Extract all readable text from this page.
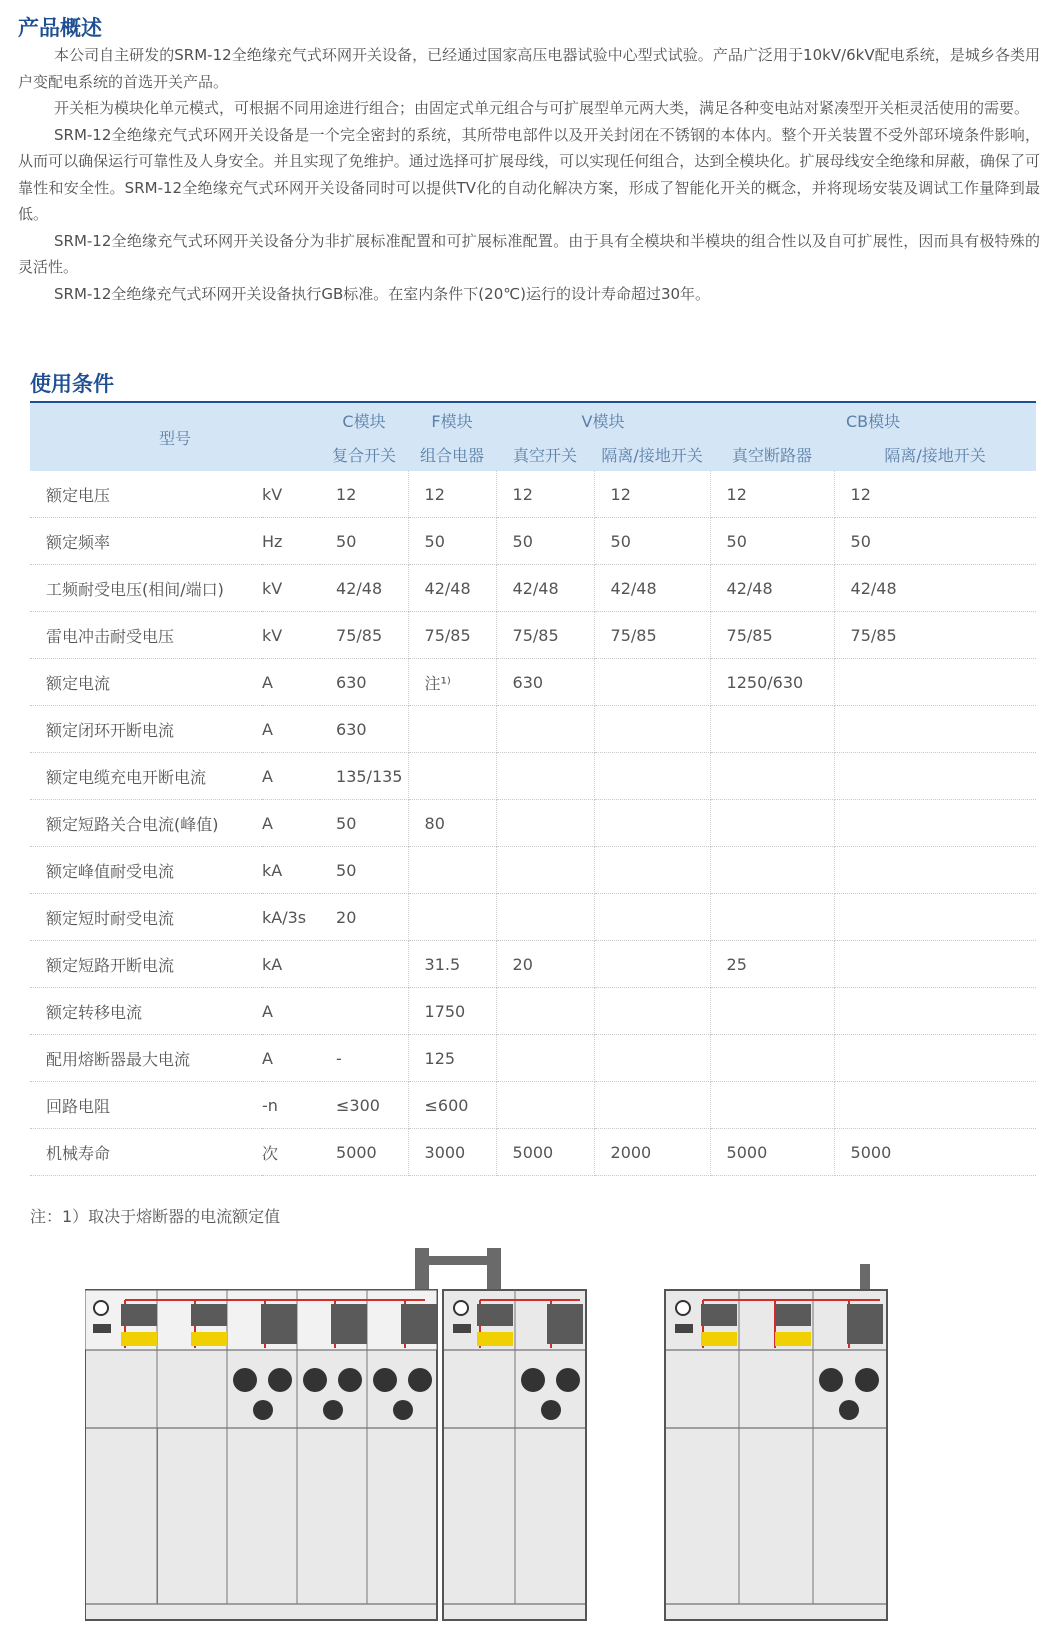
产品概述

本公司自主研发的SRM-12全绝缘充气式环网开关设备，已经通过国家高压电器试验中心型式试验。产品广泛用于10kV/6kV配电系统，是城乡各类用户变配电系统的首选开关产品。

开关柜为模块化单元模式，可根据不同用途进行组合；由固定式单元组合与可扩展型单元两大类，满足各种变电站对紧凑型开关柜灵活使用的需要。

SRM-12全绝缘充气式环网开关设备是一个完全密封的系统，其所带电部件以及开关封闭在不锈钢的本体内。整个开关装置不受外部环境条件影响，从而可以确保运行可靠性及人身安全。并且实现了免维护。通过选择可扩展母线，可以实现任何组合，达到全模块化。扩展母线安全绝缘和屏蔽，确保了可靠性和安全性。SRM-12全绝缘充气式环网开关设备同时可以提供TV化的自动化解决方案，形成了智能化开关的概念，并将现场安装及调试工作量降到最低。

SRM-12全绝缘充气式环网开关设备分为非扩展标准配置和可扩展标准配置。由于具有全模块和半模块的组合性以及自可扩展性，因而具有极特殊的灵活性。

SRM-12全绝缘充气式环网开关设备执行GB标准。在室内条件下(20℃)运行的设计寿命超过30年。

使用条件
型号		C模块	F模块	V模块		CB模块	
		复合开关	组合电器	真空开关	隔离/接地开关	真空断路器	隔离/接地开关
额定电压	kV	12	12	12	12	12	12
额定频率	Hz	50	50	50	50	50	50
工频耐受电压(相间/端口)	kV	42/48	42/48	42/48	42/48	42/48	42/48
雷电冲击耐受电压	kV	75/85	75/85	75/85	75/85	75/85	75/85
额定电流	A	630	注¹⁾	630		1250/630	
额定闭环开断电流	A	630					
额定电缆充电开断电流	A	135/135					
额定短路关合电流(峰值)	A	50	80				
额定峰值耐受电流	kA	50					
额定短时耐受电流	kA/3s	20					
额定短路开断电流	kA		31.5	20		25	
额定转移电流	A		1750				
配用熔断器最大电流	A	-	125				
回路电阻	-n	≤300	≤600				
机械寿命	次	5000	3000	5000	2000	5000	5000
注：1）取决于熔断器的电流额定值
